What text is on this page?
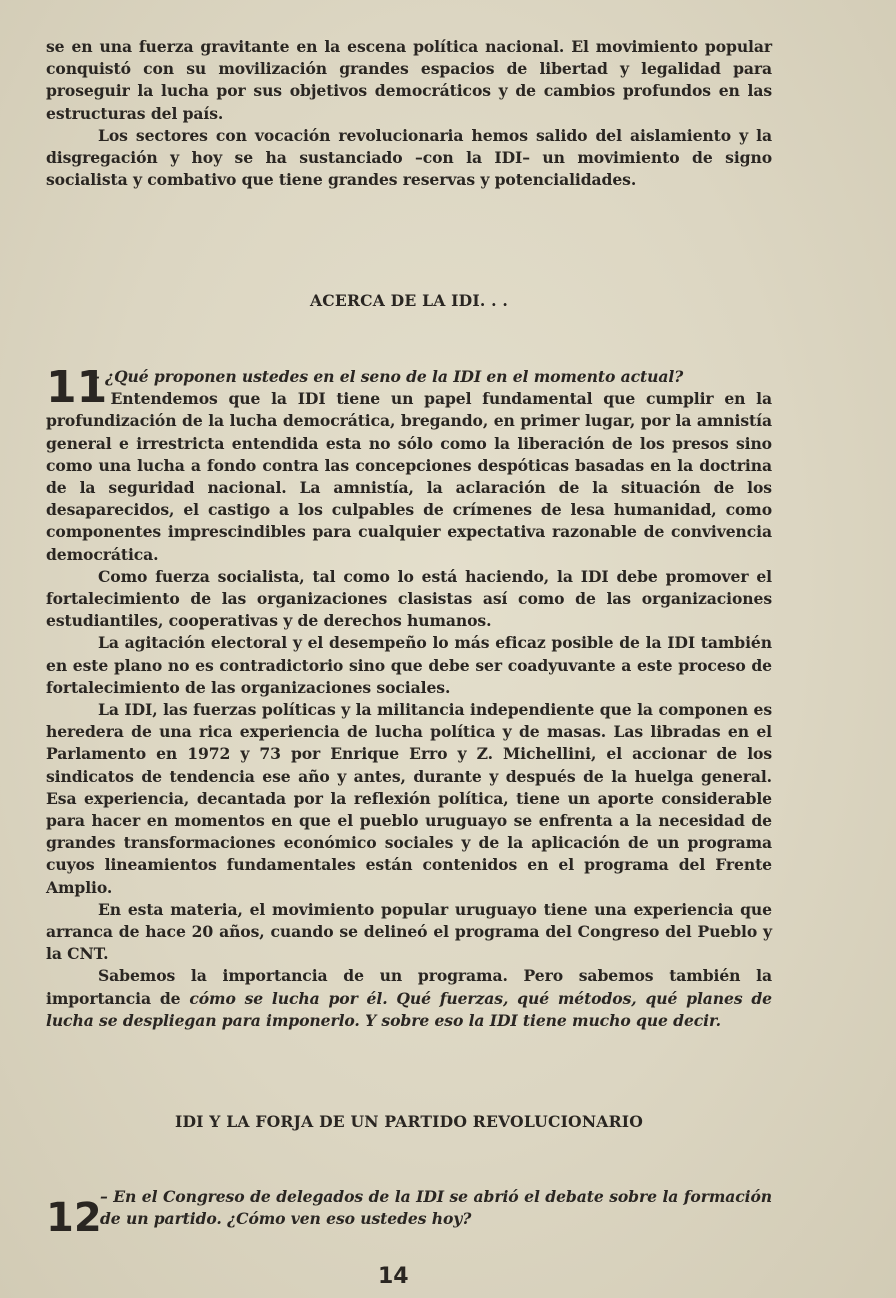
se en una fuerza gravitante en la escena política nacional. El movimiento popular conquistó con su movilización grandes espacios de libertad y legalidad para proseguir la lucha por sus objetivos democráticos y de cambios profundos en las estructuras del país.

Los sectores con vocación revolucionaria hemos salido del aislamiento y la disgregación y hoy se ha sustanciado –con la IDI– un movimiento de signo socialista y combativo que tiene grandes reservas y potencialidades.

ACERCA DE LA IDI. . .
11

– ¿Qué proponen ustedes en el seno de la IDI en el momento actual?

– Entendemos que la IDI tiene un papel fundamental que cumplir en la profundización de la lucha democrática, bregando, en primer lugar, por la amnistía general e irrestricta entendida esta no sólo como la liberación de los presos sino como una lucha a fondo contra las concepciones despóticas basadas en la doctrina de la seguridad nacional. La amnistía, la aclaración de la situación de los desaparecidos, el castigo a los culpables de crímenes de lesa humanidad, como componentes imprescindibles para cualquier expectativa razonable de convivencia democrática.

Como fuerza socialista, tal como lo está haciendo, la IDI debe promover el fortalecimiento de las organizaciones clasistas así como de las organizaciones estudiantiles, cooperativas y de derechos humanos.

La agitación electoral y el desempeño lo más eficaz posible de la IDI también en este plano no es contradictorio sino que debe ser coadyuvante a este proceso de fortalecimiento de las organizaciones sociales.

La IDI, las fuerzas políticas y la militancia independiente que la componen es heredera de una rica experiencia de lucha política y de masas. Las libradas en el Parlamento en 1972 y 73 por Enrique Erro y Z. Michellini, el accionar de los sindicatos de tendencia ese año y antes, durante y después de la huelga general. Esa experiencia, decantada por la reflexión política, tiene un aporte considerable para hacer en momentos en que el pueblo uruguayo se enfrenta a la necesidad de grandes transformaciones económico sociales y de la aplicación de un programa cuyos lineamientos fundamentales están contenidos en el programa del Frente Amplio.

En esta materia, el movimiento popular uruguayo tiene una experiencia que arranca de hace 20 años, cuando se delineó el programa del Congreso del Pueblo y la CNT.

Sabemos la importancia de un programa. Pero sabemos también la importancia de cómo se lucha por él. Qué fuerzas, qué métodos, qué planes de lucha se despliegan para imponerlo. Y sobre eso la IDI tiene mucho que decir.

IDI Y LA FORJA DE UN PARTIDO REVOLUCIONARIO
12
– En el Congreso de delegados de la IDI se abrió el debate sobre la formación de un partido. ¿Cómo ven eso ustedes hoy?
14
